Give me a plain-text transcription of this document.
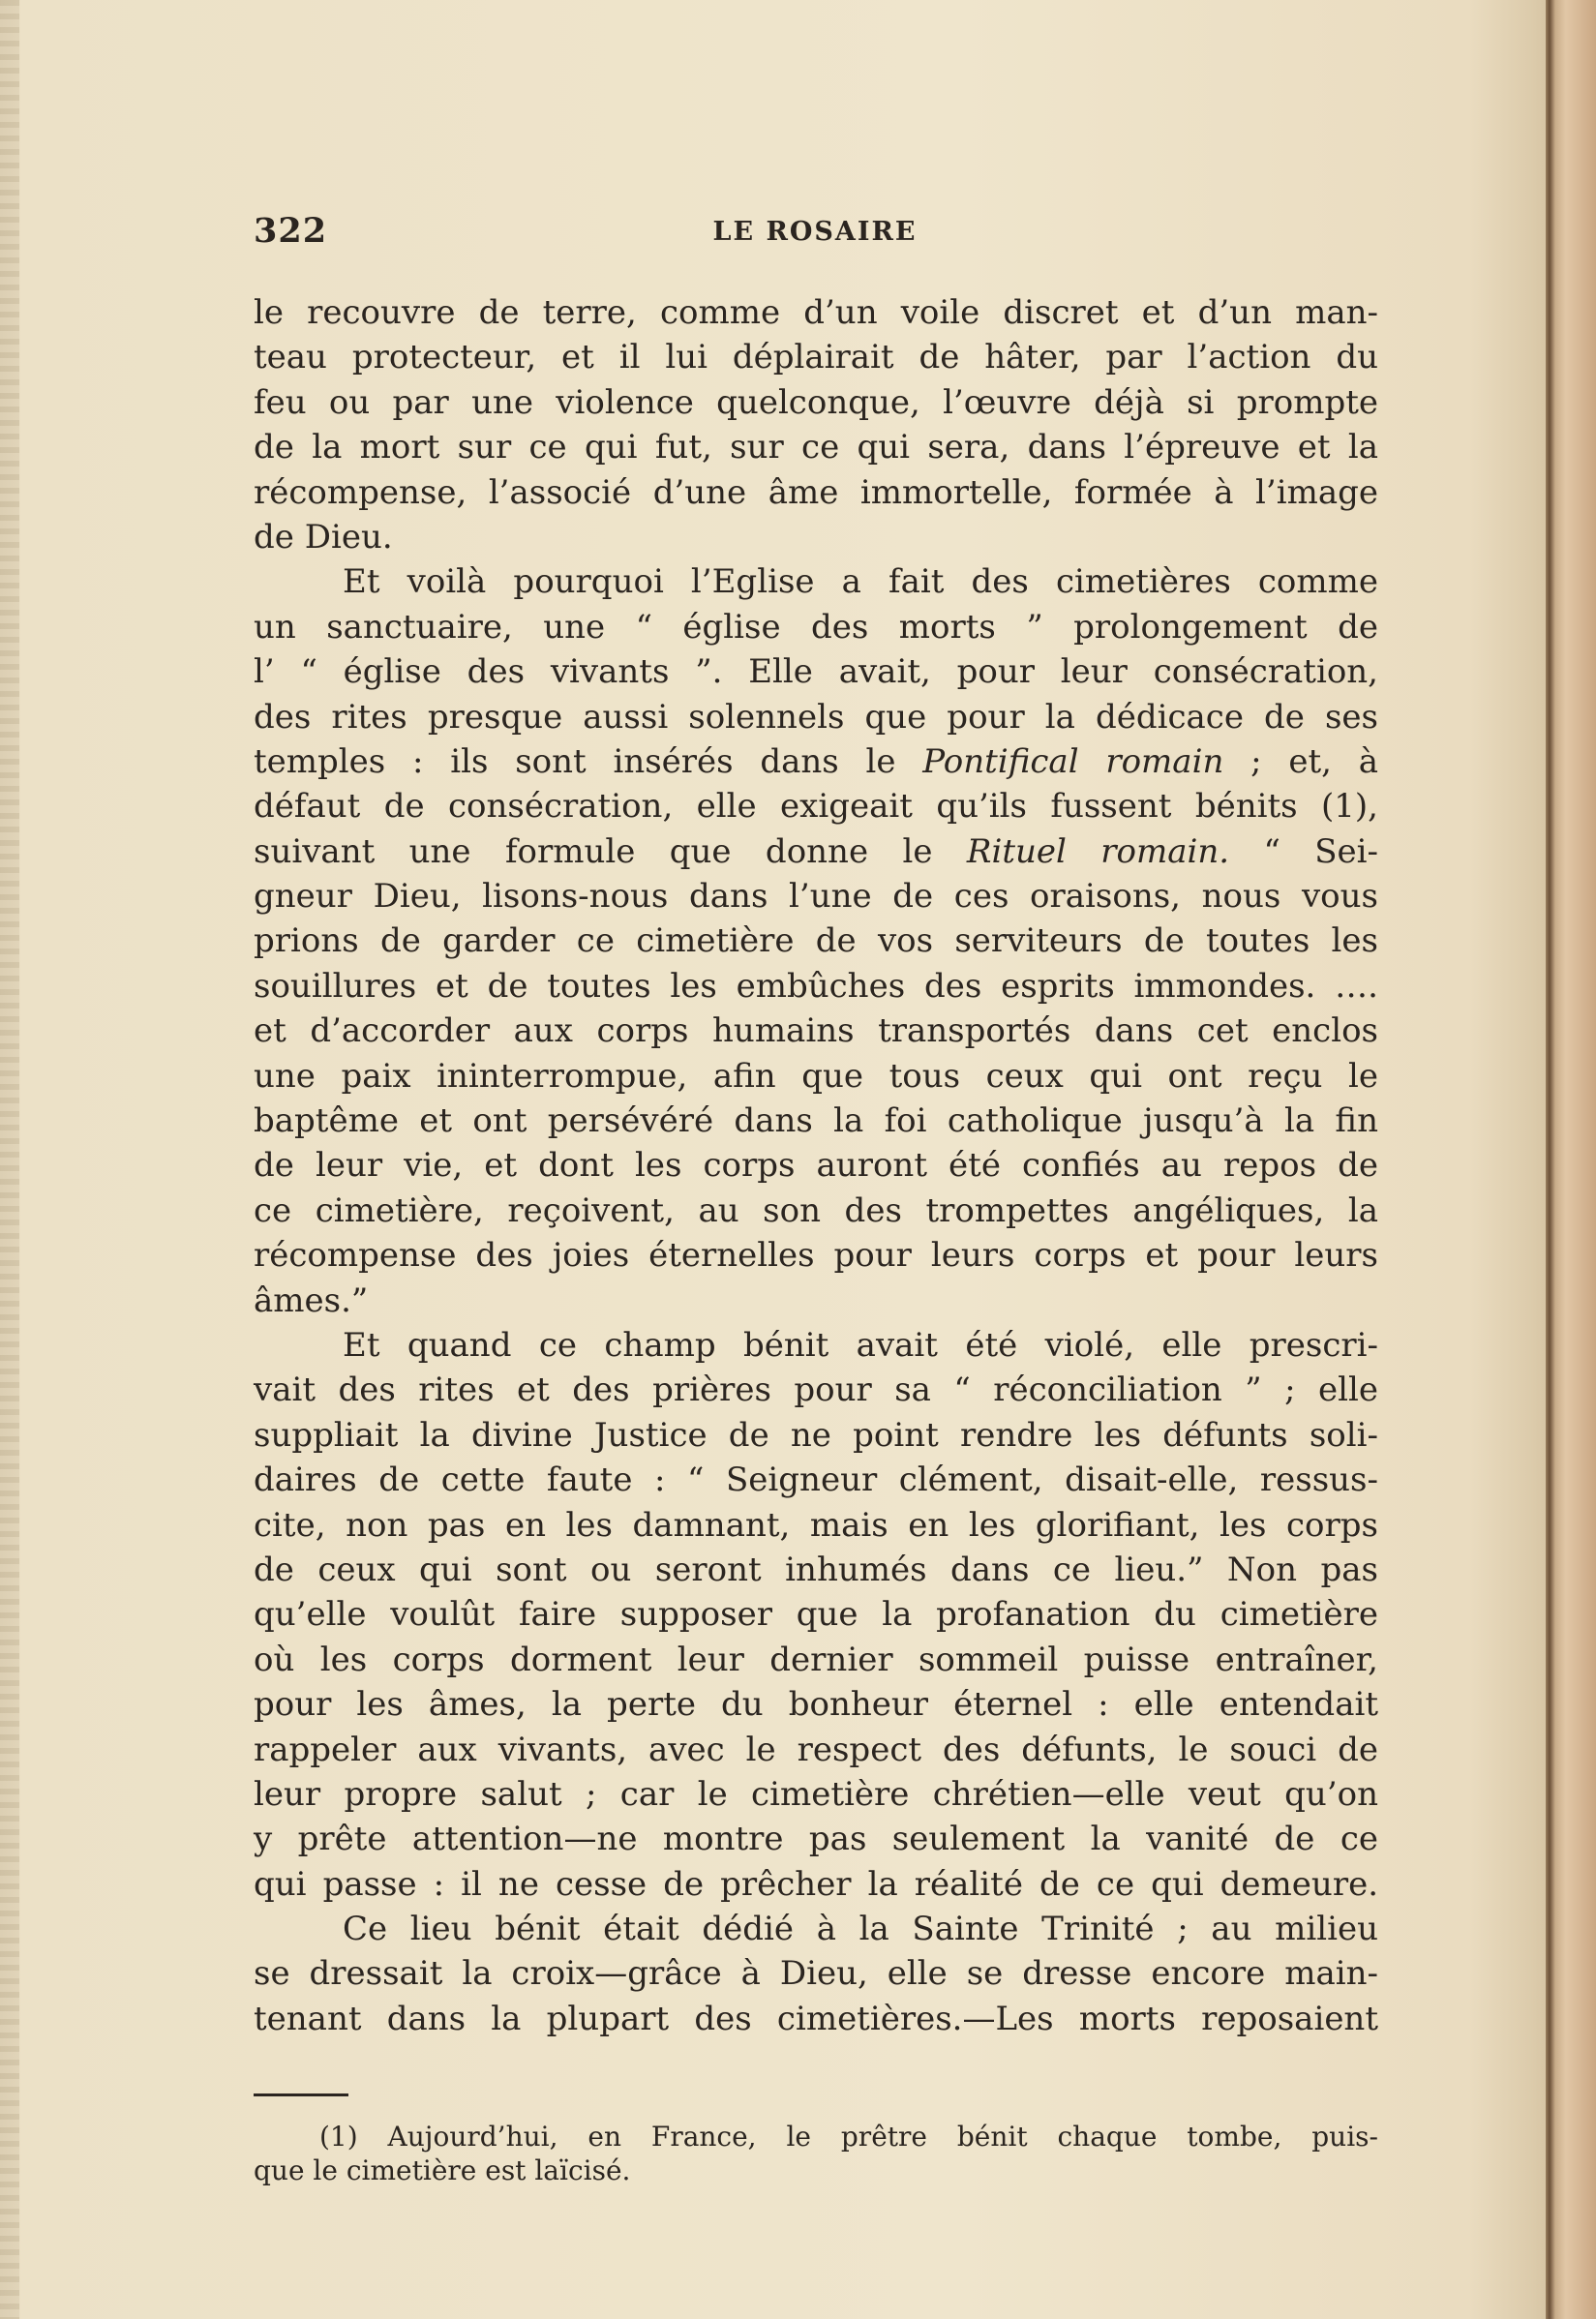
322	LE ROSAIRE
le recouvre de terre, comme d’un voile discret et d’un man-
teau protecteur, et il lui déplairait de hâter, par l’action du
feu ou par une violence quelconque, l’œuvre déjà si prompte
de la mort sur ce qui fut, sur ce qui sera, dans l’épreuve et la
récompense, l’associé d’une âme immortelle, formée à l’image
de Dieu.
Et voilà pourquoi l’Eglise a fait des cimetières comme
un sanctuaire, une “ église des morts ” prolongement de
l’ “ église des vivants ”. Elle avait, pour leur consécration,
des rites presque aussi solennels que pour la dédicace de ses
temples : ils sont insérés dans le Pontifical romain ; et, à
défaut de consécration, elle exigeait qu’ils fussent bénits (1),
suivant une formule que donne le Rituel romain. “ Sei-
gneur Dieu, lisons-nous dans l’une de ces oraisons, nous vous
prions de garder ce cimetière de vos serviteurs de toutes les
souillures et de toutes les embûches des esprits immondes. ….
et d’accorder aux corps humains transportés dans cet enclos
une paix ininterrompue, afin que tous ceux qui ont reçu le
baptême et ont persévéré dans la foi catholique jusqu’à la fin
de leur vie, et dont les corps auront été confiés au repos de
ce cimetière, reçoivent, au son des trompettes angéliques, la
récompense des joies éternelles pour leurs corps et pour leurs
âmes.”
Et quand ce champ bénit avait été violé, elle prescri-
vait des rites et des prières pour sa “ réconciliation ” ; elle
suppliait la divine Justice de ne point rendre les défunts soli-
daires de cette faute : “ Seigneur clément, disait-elle, ressus-
cite, non pas en les damnant, mais en les glorifiant, les corps
de ceux qui sont ou seront inhumés dans ce lieu.” Non pas
qu’elle voulût faire supposer que la profanation du cimetière
où les corps dorment leur dernier sommeil puisse entraîner,
pour les âmes, la perte du bonheur éternel : elle entendait
rappeler aux vivants, avec le respect des défunts, le souci de
leur propre salut ; car le cimetière chrétien—elle veut qu’on
y prête attention—ne montre pas seulement la vanité de ce
qui passe : il ne cesse de prêcher la réalité de ce qui demeure.
Ce lieu bénit était dédié à la Sainte Trinité ; au milieu
se dressait la croix—grâce à Dieu, elle se dresse encore main-
tenant dans la plupart des cimetières.—Les morts reposaient
(1) Aujourd’hui, en France, le prêtre bénit chaque tombe, puis-
que le cimetière est laïcisé.
